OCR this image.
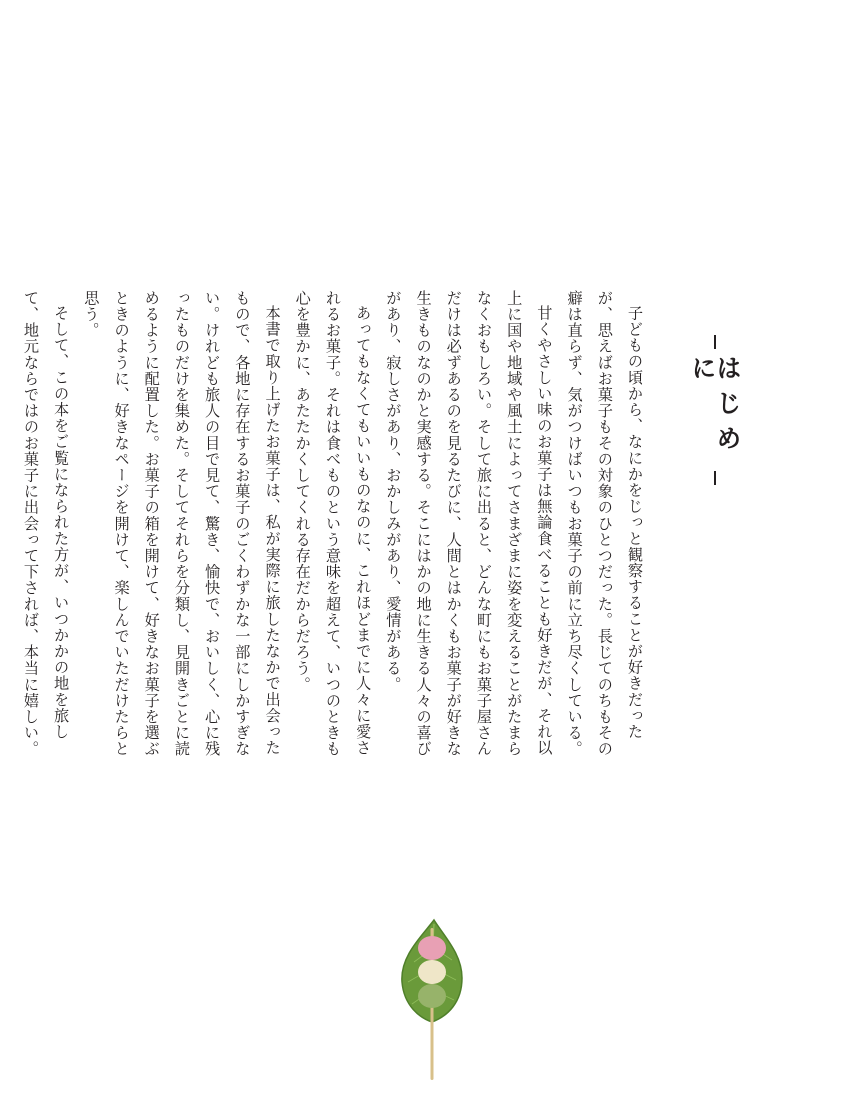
はじめに

子どもの頃から、なにかをじっと観察することが好きだったが、思えばお菓子もその対象のひとつだった。長じてのちもその癖は直らず、気がつけばいつもお菓子の前に立ち尽くしている。

甘くやさしい味のお菓子は無論食べることも好きだが、それ以上に国や地域や風土によってさまざまに姿を変えることがたまらなくおもしろい。そして旅に出ると、どんな町にもお菓子屋さんだけは必ずあるのを見るたびに、人間とはかくもお菓子が好きな生きものなのかと実感する。そこにはかの地に生きる人々の喜びがあり、寂しさがあり、おかしみがあり、愛情がある。

あってもなくてもいいものなのに、これほどまでに人々に愛されるお菓子。それは食べものという意味を超えて、いつのときも心を豊かに、あたたかくしてくれる存在だからだろう。

本書で取り上げたお菓子は、私が実際に旅したなかで出会ったもので、各地に存在するお菓子のごくわずかな一部にしかすぎない。けれども旅人の目で見て、驚き、愉快で、おいしく、心に残ったものだけを集めた。そしてそれらを分類し、見開きごとに読めるように配置した。お菓子の箱を開けて、好きなお菓子を選ぶときのように、好きなページを開けて、楽しんでいただけたらと思う。

そして、この本をご覧になられた方が、いつかかの地を旅して、地元ならではのお菓子に出会って下されば、本当に嬉しい。
